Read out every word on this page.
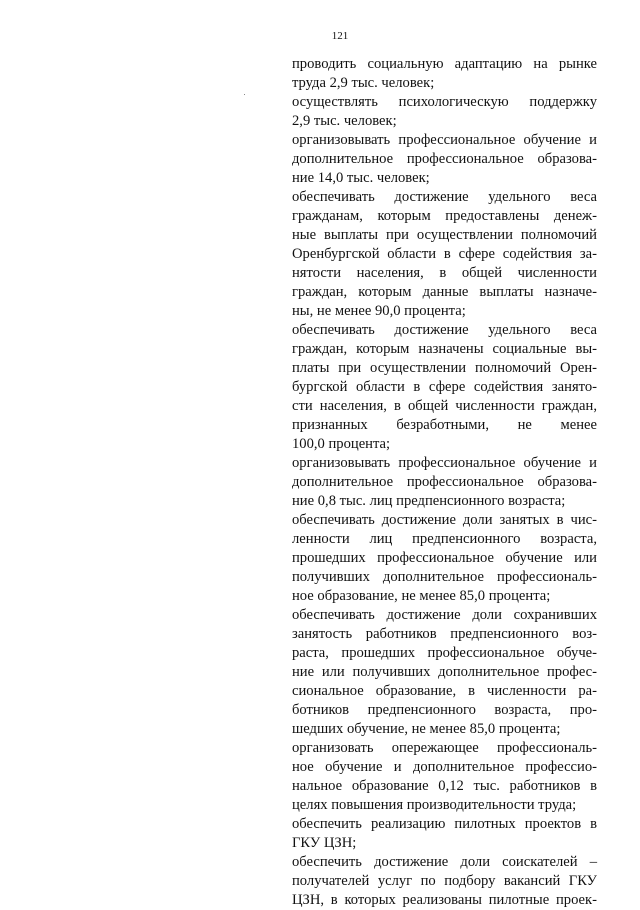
121
проводить социальную адаптацию на рынке
труда 2,9 тыс. человек;
осуществлять психологическую поддержку
2,9 тыс. человек;
организовывать профессиональное обучение и
дополнительное профессиональное образова-
ние 14,0 тыс. человек;
обеспечивать достижение удельного веса
гражданам, которым предоставлены денеж-
ные выплаты при осуществлении полномочий
Оренбургской области в сфере содействия за-
нятости населения, в общей численности
граждан, которым данные выплаты назначе-
ны, не менее 90,0 процента;
обеспечивать достижение удельного веса
граждан, которым назначены социальные вы-
платы при осуществлении полномочий Орен-
бургской области в сфере содействия занято-
сти населения, в общей численности граждан,
признанных безработными, не менее
100,0 процента;
организовывать профессиональное обучение и
дополнительное профессиональное образова-
ние 0,8 тыс. лиц предпенсионного возраста;
обеспечивать достижение доли занятых в чис-
ленности лиц предпенсионного возраста,
прошедших профессиональное обучение или
получивших дополнительное профессиональ-
ное образование, не менее 85,0 процента;
обеспечивать достижение доли сохранивших
занятость работников предпенсионного воз-
раста, прошедших профессиональное обуче-
ние или получивших дополнительное профес-
сиональное образование, в численности ра-
ботников предпенсионного возраста, про-
шедших обучение, не менее 85,0 процента;
организовать опережающее профессиональ-
ное обучение и дополнительное профессио-
нальное образование 0,12 тыс. работников в
целях повышения производительности труда;
обеспечить реализацию пилотных проектов в
ГКУ ЦЗН;
обеспечить достижение доли соискателей –
получателей услуг по подбору вакансий ГКУ
ЦЗН, в которых реализованы пилотные проек-
